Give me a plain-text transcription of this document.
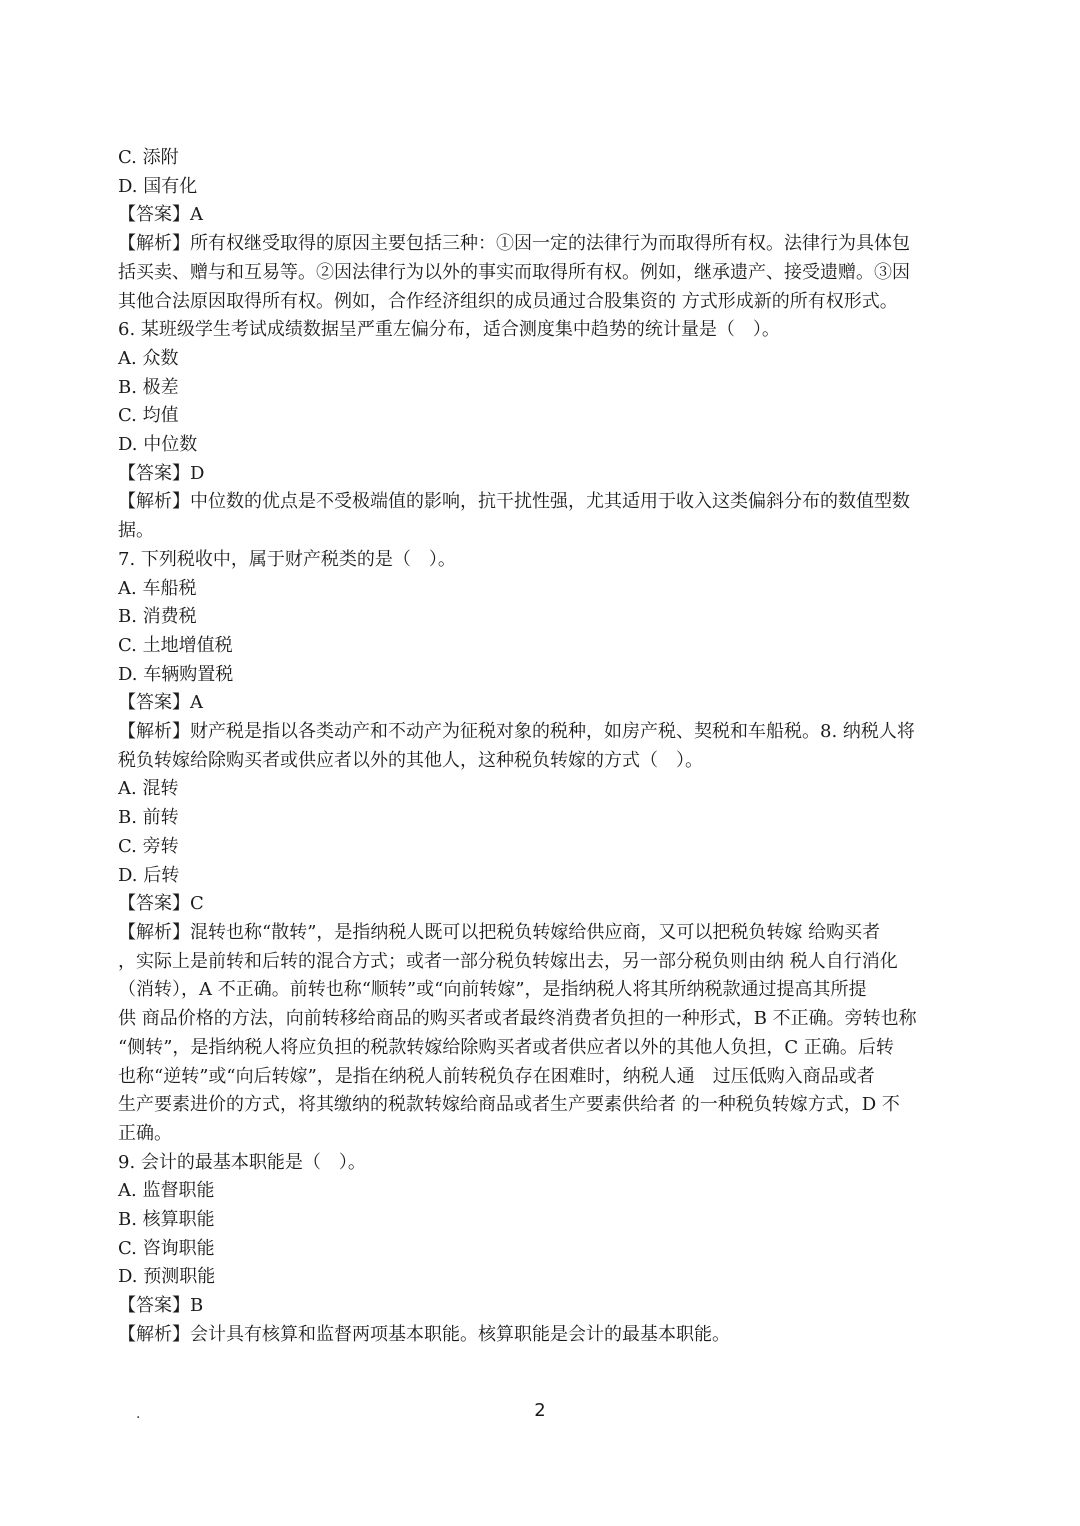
C. 添附

D. 国有化

【答案】A

【解析】所有权继受取得的原因主要包括三种：①因一定的法律行为而取得所有权。法律行为具体包

括买卖、赠与和互易等。②因法律行为以外的事实而取得所有权。例如，继承遗产、接受遗赠。③因

其他合法原因取得所有权。例如，合作经济组织的成员通过合股集资的 方式形成新的所有权形式。

6. 某班级学生考试成绩数据呈严重左偏分布，适合测度集中趋势的统计量是（　）。

A. 众数

B. 极差

C. 均值

D. 中位数

【答案】D

【解析】中位数的优点是不受极端值的影响，抗干扰性强，尤其适用于收入这类偏斜分布的数值型数

据。

7. 下列税收中，属于财产税类的是（　）。

A. 车船税

B. 消费税

C. 土地增值税

D. 车辆购置税

【答案】A

【解析】财产税是指以各类动产和不动产为征税对象的税种，如房产税、契税和车船税。8. 纳税人将

税负转嫁给除购买者或供应者以外的其他人，这种税负转嫁的方式（　）。

A. 混转

B. 前转

C. 旁转

D. 后转

【答案】C

【解析】混转也称“散转”，是指纳税人既可以把税负转嫁给供应商，又可以把税负转嫁 给购买者

，实际上是前转和后转的混合方式；或者一部分税负转嫁出去，另一部分税负则由纳 税人自行消化

（消转），A 不正确。前转也称“顺转”或“向前转嫁”，是指纳税人将其所纳税款通过提高其所提

供 商品价格的方法，向前转移给商品的购买者或者最终消费者负担的一种形式，B 不正确。旁转也称

“侧转”，是指纳税人将应负担的税款转嫁给除购买者或者供应者以外的其他人负担，C 正确。后转

也称“逆转”或“向后转嫁”，是指在纳税人前转税负存在困难时，纳税人通　过压低购入商品或者

生产要素进价的方式，将其缴纳的税款转嫁给商品或者生产要素供给者 的一种税负转嫁方式，D 不

正确。

9. 会计的最基本职能是（　）。

A. 监督职能

B. 核算职能

C. 咨询职能

D. 预测职能

【答案】B

【解析】会计具有核算和监督两项基本职能。核算职能是会计的最基本职能。

.	2
